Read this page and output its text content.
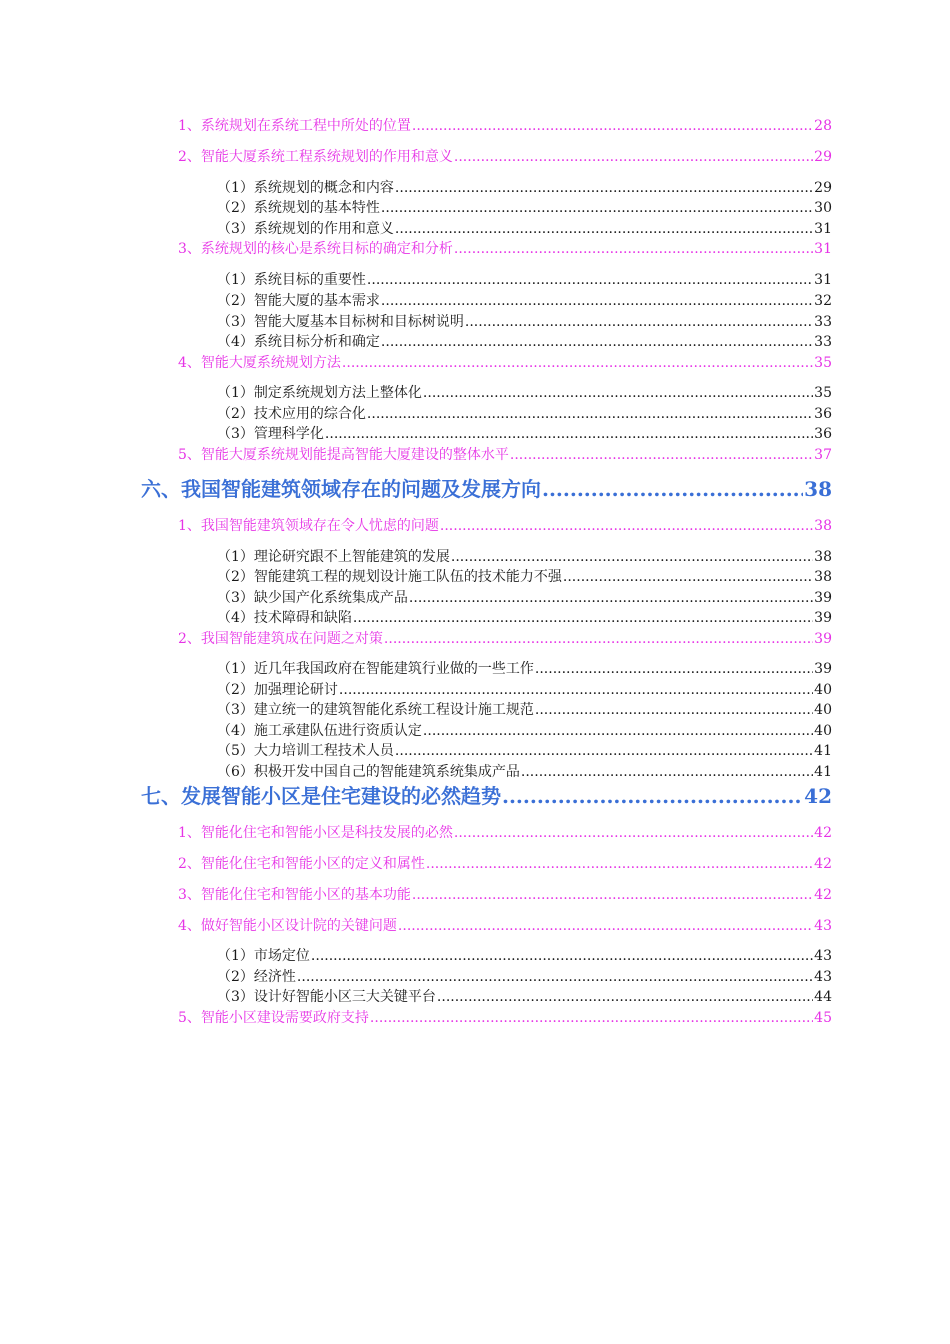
1、系统规划在系统工程中所处的位置 .....	28
2、智能大厦系统工程系统规划的作用和意义 .....	29
（1）系统规划的概念和内容 .....	29
（2）系统规划的基本特性 .....	30
（3）系统规划的作用和意义 .....	31
3、系统规划的核心是系统目标的确定和分析 .....	31
（1）系统目标的重要性 .....	31
（2）智能大厦的基本需求 .....	32
（3）智能大厦基本目标树和目标树说明 .....	33
（4）系统目标分析和确定 .....	33
4、智能大厦系统规划方法 .....	35
（1）制定系统规划方法上整体化 .....	35
（2）技术应用的综合化 .....	36
（3）管理科学化 .....	36
5、智能大厦系统规划能提高智能大厦建设的整体水平 .....	37
六、我国智能建筑领域存在的问题及发展方向 .....	38
1、我国智能建筑领域存在令人忧虑的问题 .....	38
（1）理论研究跟不上智能建筑的发展 .....	38
（2）智能建筑工程的规划设计施工队伍的技术能力不强 .....	38
（3）缺少国产化系统集成产品 .....	39
（4）技术障碍和缺陷 .....	39
2、我国智能建筑成在问题之对策 .....	39
（1）近几年我国政府在智能建筑行业做的一些工作 .....	39
（2）加强理论研讨 .....	40
（3）建立统一的建筑智能化系统工程设计施工规范 .....	40
（4）施工承建队伍进行资质认定 .....	40
（5）大力培训工程技术人员 .....	41
（6）积极开发中国自己的智能建筑系统集成产品 .....	41
七、发展智能小区是住宅建设的必然趋势 .....	42
1、智能化住宅和智能小区是科技发展的必然 .....	42
2、智能化住宅和智能小区的定义和属性 .....	42
3、智能化住宅和智能小区的基本功能 .....	42
4、做好智能小区设计院的关键问题 .....	43
（1）市场定位 .....	43
（2）经济性 .....	43
（3）设计好智能小区三大关键平台 .....	44
5、智能小区建设需要政府支持 .....	45
